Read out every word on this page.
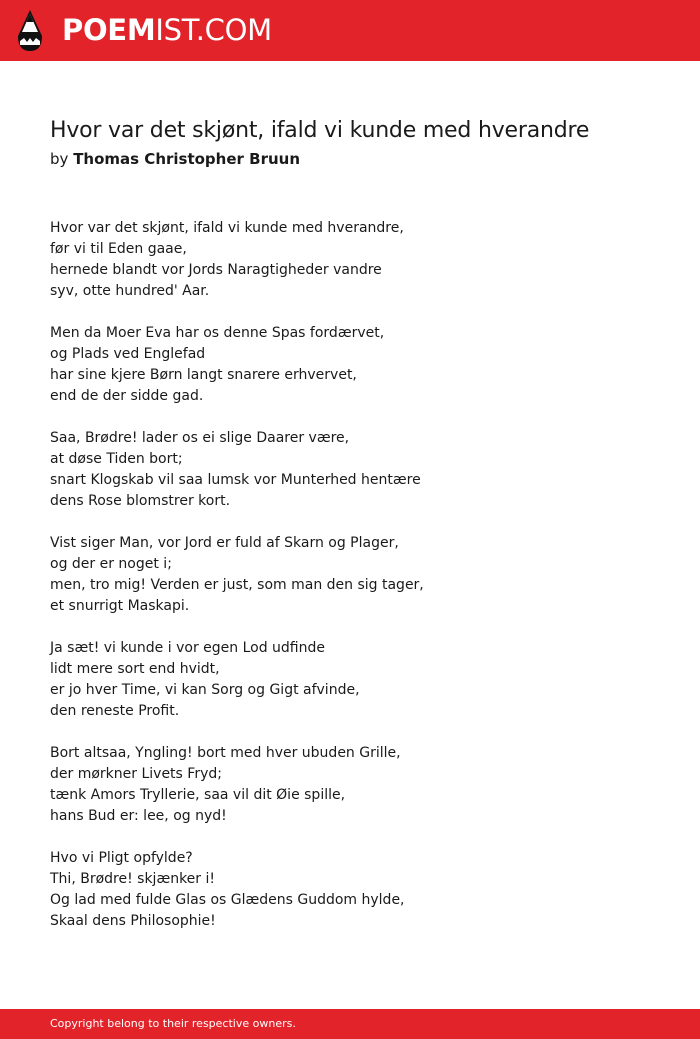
POEMIST.COM
Hvor var det skjønt, ifald vi kunde med hverandre
by Thomas Christopher Bruun
Hvor var det skjønt, ifald vi kunde med hverandre,
før vi til Eden gaae,
hernede blandt vor Jords Naragtigheder vandre
syv, otte hundred' Aar.
Men da Moer Eva har os denne Spas fordærvet,
og Plads ved Englefad
har sine kjere Børn langt snarere erhvervet,
end de der sidde gad.
Saa, Brødre! lader os ei slige Daarer være,
at døse Tiden bort;
snart Klogskab vil saa lumsk vor Munterhed hentære
dens Rose blomstrer kort.
Vist siger Man, vor Jord er fuld af Skarn og Plager,
og der er noget i;
men, tro mig! Verden er just, som man den sig tager,
et snurrigt Maskapi.
Ja sæt! vi kunde i vor egen Lod udfinde
lidt mere sort end hvidt,
er jo hver Time, vi kan Sorg og Gigt afvinde,
den reneste Profit.
Bort altsaa, Yngling! bort med hver ubuden Grille,
der mørkner Livets Fryd;
tænk Amors Tryllerie, saa vil dit Øie spille,
hans Bud er: lee, og nyd!
Hvo vi Pligt opfylde?
Thi, Brødre! skjænker i!
Og lad med fulde Glas os Glædens Guddom hylde,
Skaal dens Philosophie!
Copyright belong to their respective owners.
